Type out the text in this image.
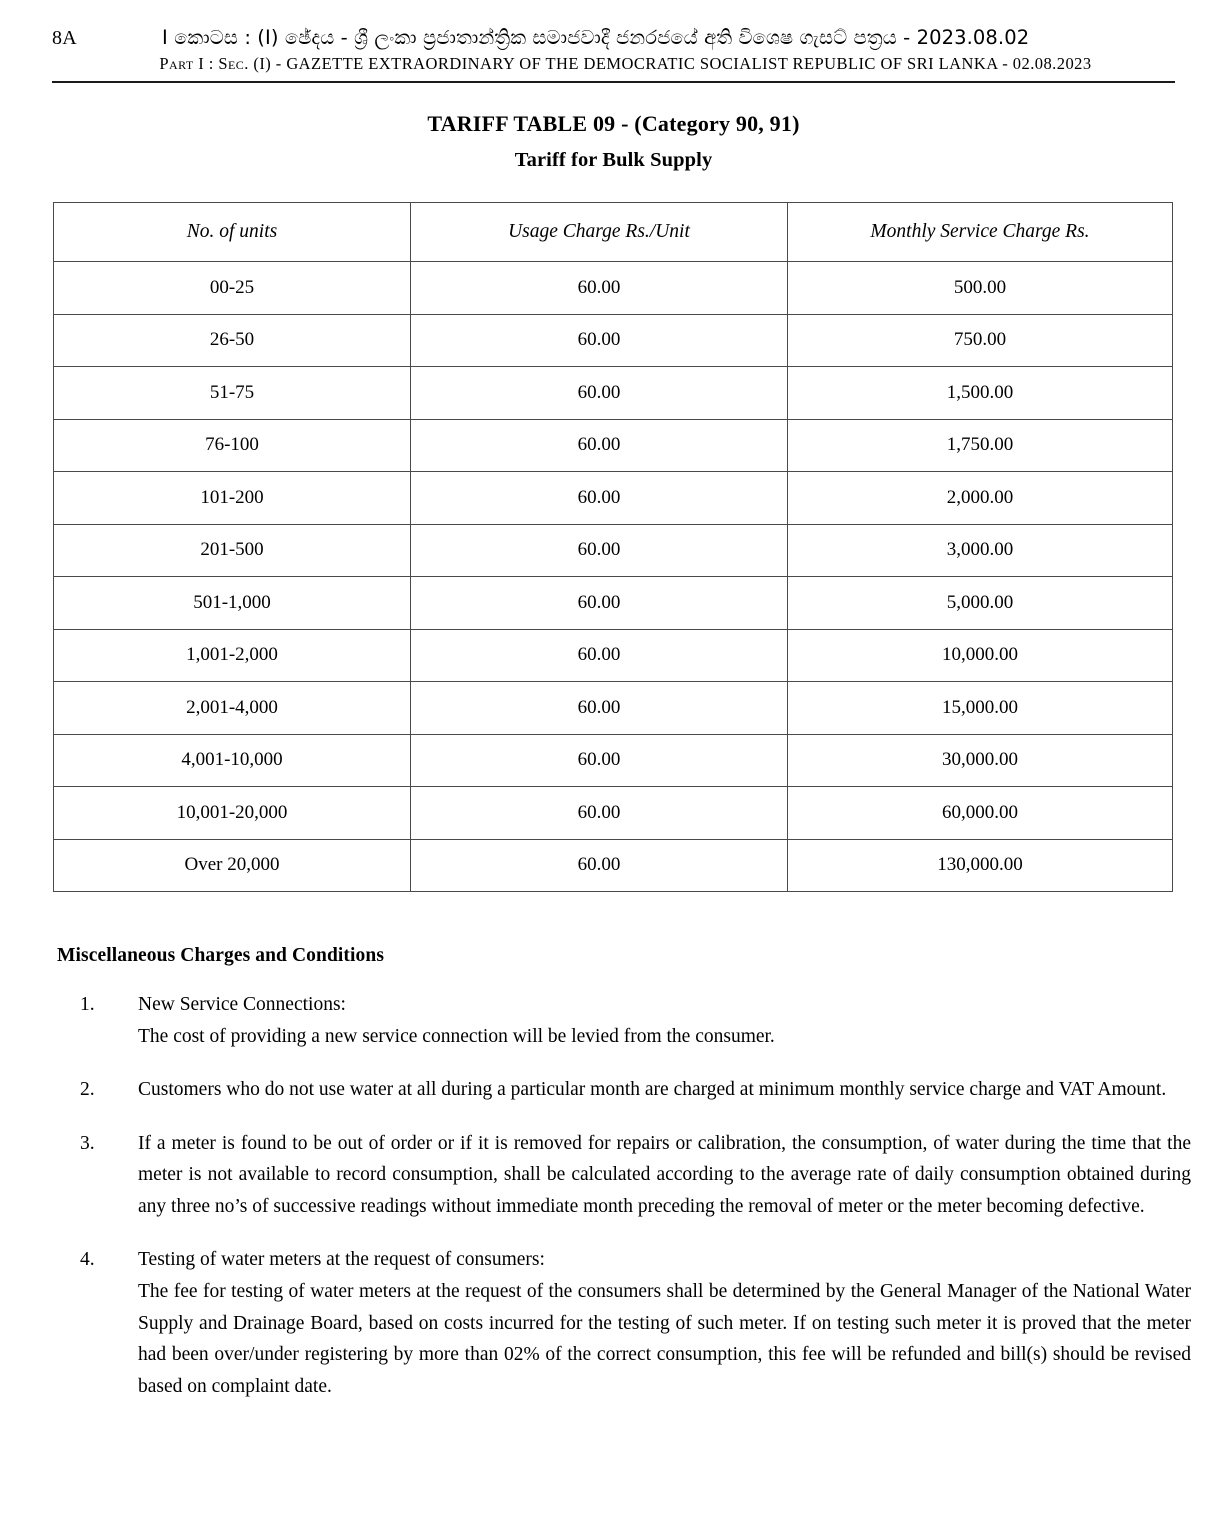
8A	I කොටස : (I) ඡේදය - ශ්‍රී ලංකා ප්‍රජාතාන්ත්‍රික සමාජවාදී ජනරජයේ අති විශෙෂ ගැසට් පත්‍රය - 2023.08.02
Part I : Sec. (I) - GAZETTE EXTRAORDINARY OF THE DEMOCRATIC SOCIALIST REPUBLIC OF SRI LANKA - 02.08.2023
TARIFF TABLE 09 - (Category 90, 91)
Tariff for Bulk Supply
No. of units	Usage Charge Rs./Unit	Monthly Service Charge Rs.
00-25	60.00	500.00
26-50	60.00	750.00
51-75	60.00	1,500.00
76-100	60.00	1,750.00
101-200	60.00	2,000.00
201-500	60.00	3,000.00
501-1,000	60.00	5,000.00
1,001-2,000	60.00	10,000.00
2,001-4,000	60.00	15,000.00
4,001-10,000	60.00	30,000.00
10,001-20,000	60.00	60,000.00
Over 20,000	60.00	130,000.00
Miscellaneous Charges and Conditions
1.	New Service Connections:
The cost of providing a new service connection will be levied from the consumer.
2.	Customers who do not use water at all during a particular month are charged at minimum monthly service charge and VAT Amount.
3.	If a meter is found to be out of order or if it is removed for repairs or calibration, the consumption, of water during the time that the meter is not available to record consumption, shall be calculated according to the average rate of daily consumption obtained during any three no’s of successive readings without immediate month preceding the removal of meter or the meter becoming defective.
4.	Testing of water meters at the request of consumers:
The fee for testing of water meters at the request of the consumers shall be determined by the General Manager of the National Water Supply and Drainage Board, based on costs incurred for the testing of such meter. If on testing such meter it is proved that the meter had been over/under registering by more than 02% of the correct consumption, this fee will be refunded and bill(s) should be revised based on complaint date.
